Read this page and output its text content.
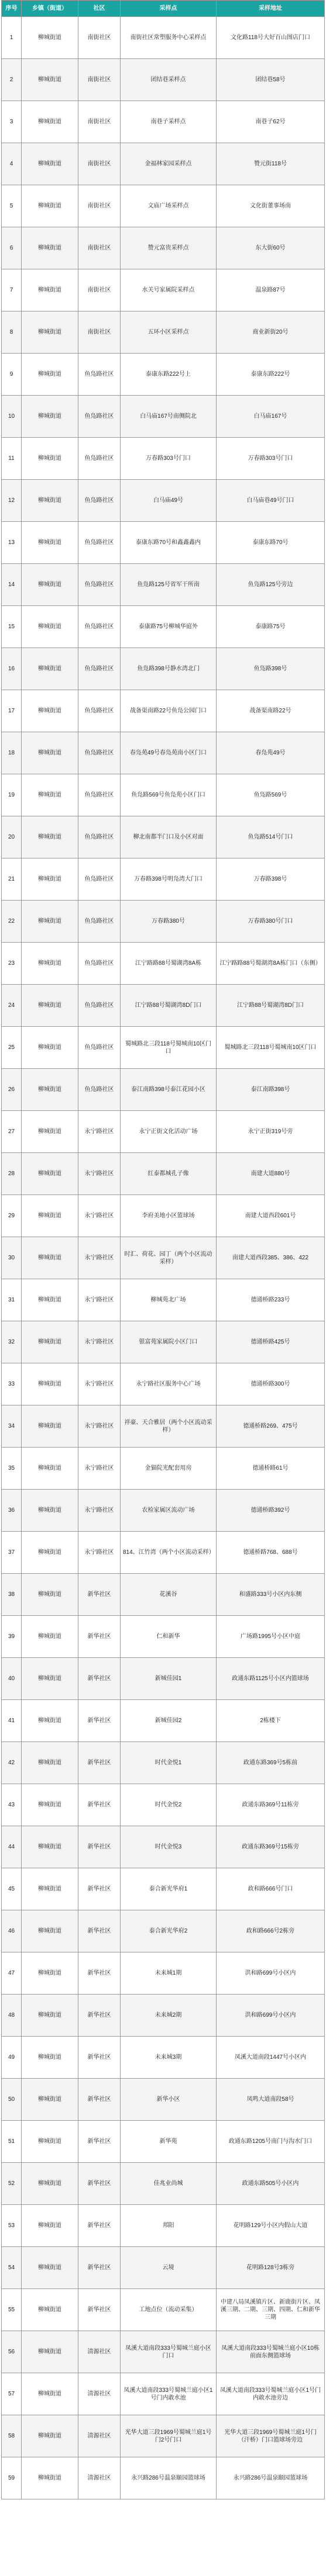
序号	乡镇（街道）	社区	采样点	采样地址
1	柳城街道	南街社区	南街社区常塑服务中心采样点	文化路118号大好百山图店门口
2	柳城街道	南街社区	团结巷采样点	团结巷58号
3	柳城街道	南街社区	南巷子采样点	南巷子62号
4	柳城街道	南街社区	金福林家园采样点	赞元街118号
5	柳城街道	南街社区	文庙广场采样点	文化街董事场南
6	柳城街道	南街社区	赞元富贵采样点	东大街60号
7	柳城街道	南街社区	水关号家属院采样点	温泉路87号
8	柳城街道	南街社区	五环小区采样点	商业新街20号
9	柳城街道	鱼凫路社区	泰康东路222号上	泰康东路222号
10	柳城街道	鱼凫路社区	白马庙167号南侧院北	白马庙167号
11	柳城街道	鱼凫路社区	万春路303号门口	万春路303号门口
12	柳城街道	鱼凫路社区	白马庙49号	白马庙巷49号门口
13	柳城街道	鱼凫路社区	泰康东路70号和鑫鑫鑫内	泰康东路70号
14	柳城街道	鱼凫路社区	鱼凫路125号省军干所南	鱼凫路125号旁边
15	柳城街道	鱼凫路社区	泰康路75号柳城华庭外	泰康路75号
16	柳城街道	鱼凫路社区	鱼凫路398号静水湾北门	鱼凫路398号
17	柳城街道	鱼凫路社区	战备渠南路22号鱼凫公园门口	战备渠南路22号
18	柳城街道	鱼凫路社区	春凫苑49号春凫苑南小区门口	春凫苑49号
19	柳城街道	鱼凫路社区	鱼凫路569号鱼凫苑小区门口	鱼凫路569号
20	柳城街道	鱼凫路社区	柳北南都半门口及小区对面	鱼凫路514号门口
21	柳城街道	鱼凫路社区	万春路398号明凫湾大门口	万春路398号
22	柳城街道	鱼凫路社区	万春路380号	万春路380号门口
23	柳城街道	鱼凫路社区	江宁路路88号蜀湖湾8A栋	江宁路路88号蜀湖湾8A栋门口（东侧）
24	柳城街道	鱼凫路社区	江宁路88号蜀湖湾8D门口	江宁路88号蜀湖湾8D门口
25	柳城街道	鱼凫路社区	蜀城路北三段118号蜀城南10区门口	蜀城路北三段118号蜀城南10区门口
26	柳城街道	鱼凫路社区	泰江南路398号泰江花园小区	泰江南路398号
27	柳城街道	永宁路社区	永宁正街文化活动广场	永宁正街319号旁
28	柳城街道	永宁路社区	红泰都城孔子像	南建大道880号
29	柳城街道	永宁路社区	李府美地小区篮球场	南建大道西段601号
30	柳城街道	永宁路社区	时汇、荷花、园丁（两个小区流动采样）	南建大道西段385、386、422
31	柳城街道	永宁路社区	柳城苑北广场	德通桥路233号
32	柳城街道	永宁路社区	银富苑家属院小区门口	德通桥路425号
33	柳城街道	永宁路社区	永宁路社区服务中心广场	德通桥路300号
34	柳城街道	永宁路社区	祥豪、天合雅居（两个小区流动采样）	德通桥路269、475号
35	柳城街道	永宁路社区	金猫院光配套用房	德通桥路61号
36	柳城街道	永宁路社区	农检家属区流动广场	德通桥路392号
37	柳城街道	永宁路社区	814、江竹湾（两个小区流动采样）	德通桥路768、688号
38	柳城街道	新华社区	花溪谷	和盛路333号小区内东侧
39	柳城街道	新华社区	仁和新华	广场路1995号小区中庭
40	柳城街道	新华社区	新城佳园1	政通东路1125号小区内篮球场
41	柳城街道	新华社区	新城佳园2	2栋楼下
42	柳城街道	新华社区	时代金悦1	政通东路369号5栋前
43	柳城街道	新华社区	时代金悦2	政通东路369号11栋旁
44	柳城街道	新华社区	时代金悦3	政通东路369号15栋旁
45	柳城街道	新华社区	泰合新光华府1	政和路666号门口
46	柳城街道	新华社区	泰合新光华府2	政和路666号2栋旁
47	柳城街道	新华社区	未来城1期	洪和路699号小区内
48	柳城街道	新华社区	未来城2期	洪和路699号小区内
49	柳城街道	新华社区	未来城3期	凤溪大道南段1447号小区内
50	柳城街道	新华社区	新华小区	凤鸣大道南段58号
51	柳城街道	新华社区	新华苑	政通东路1205号南门与沟水门口
52	柳城街道	新华社区	佳兆业尚城	政通东路505号小区内
53	柳城街道	新华社区	邦阳	花明路129号小区内假山大道
54	柳城街道	新华社区	云境	花明路128号3栋旁
55	柳城街道	新华社区	工地点位（流动采集）	中建八局凤溪镇片区、新鹿街片区、凤溪三期、二期、三期、四期、仁和新华三期
56	柳城街道	清源社区	凤溪大道南段333号蜀城兰庭小区门口	凤溪大道南段333号蜀城兰庭小区10栋前面东侧篮球场
57	柳城街道	清源社区	凤溪大道南段333号蜀城兰庭小区1号门内敢水池	凤溪大道南段333号蜀城兰庭小区1号门内敢水池旁边
58	柳城街道	清源社区	光华大道三段1969号蜀城兰庭1号门2号门口	光华大道三段1969号蜀城兰庭1号门（汗桥）门口篮球场旁边
59	柳城街道	清源社区	永兴路286号温泉颐园篮球场	永兴路286号温泉颐园篮球场
